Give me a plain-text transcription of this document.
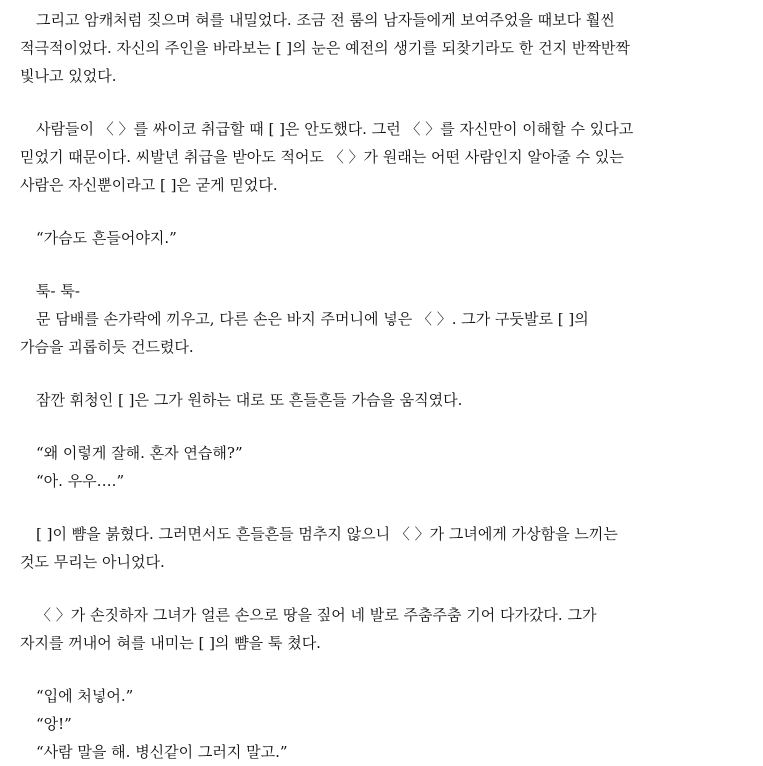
그리고 암캐처럼 짖으며 혀를 내밀었다. 조금 전 룸의 남자들에게 보여주었을 때보다 훨씬
적극적이었다. 자신의 주인을 바라보는 [ ]의 눈은 예전의 생기를 되찾기라도 한 건지 반짝반짝
빛나고 있었다.

사람들이 〈 〉를 싸이코 취급할 때 [ ]은 안도했다. 그런 〈 〉를 자신만이 이해할 수 있다고
믿었기 때문이다. 씨발년 취급을 받아도 적어도 〈 〉가 원래는 어떤 사람인지 알아줄 수 있는
사람은 자신뿐이라고 [ ]은 굳게 믿었다.

“가슴도 흔들어야지.”

툭- 툭-
문 담배를 손가락에 끼우고, 다른 손은 바지 주머니에 넣은 〈 〉. 그가 구둣발로 [ ]의
가슴을 괴롭히듯 건드렸다.

잠깐 휘청인 [ ]은 그가 원하는 대로 또 흔들흔들 가슴을 움직였다.

“왜 이렇게 잘해. 혼자 연습해?”
“아. 우우….”

[ ]이 뺨을 붉혔다. 그러면서도 흔들흔들 멈추지 않으니 〈 〉가 그녀에게 가상함을 느끼는
것도 무리는 아니었다.

〈 〉가 손짓하자 그녀가 얼른 손으로 땅을 짚어 네 발로 주춤주춤 기어 다가갔다. 그가
자지를 꺼내어 혀를 내미는 [ ]의 뺨을 툭 쳤다.

“입에 처넣어.”
“앙!”
“사람 말을 해. 병신같이 그러지 말고.”
